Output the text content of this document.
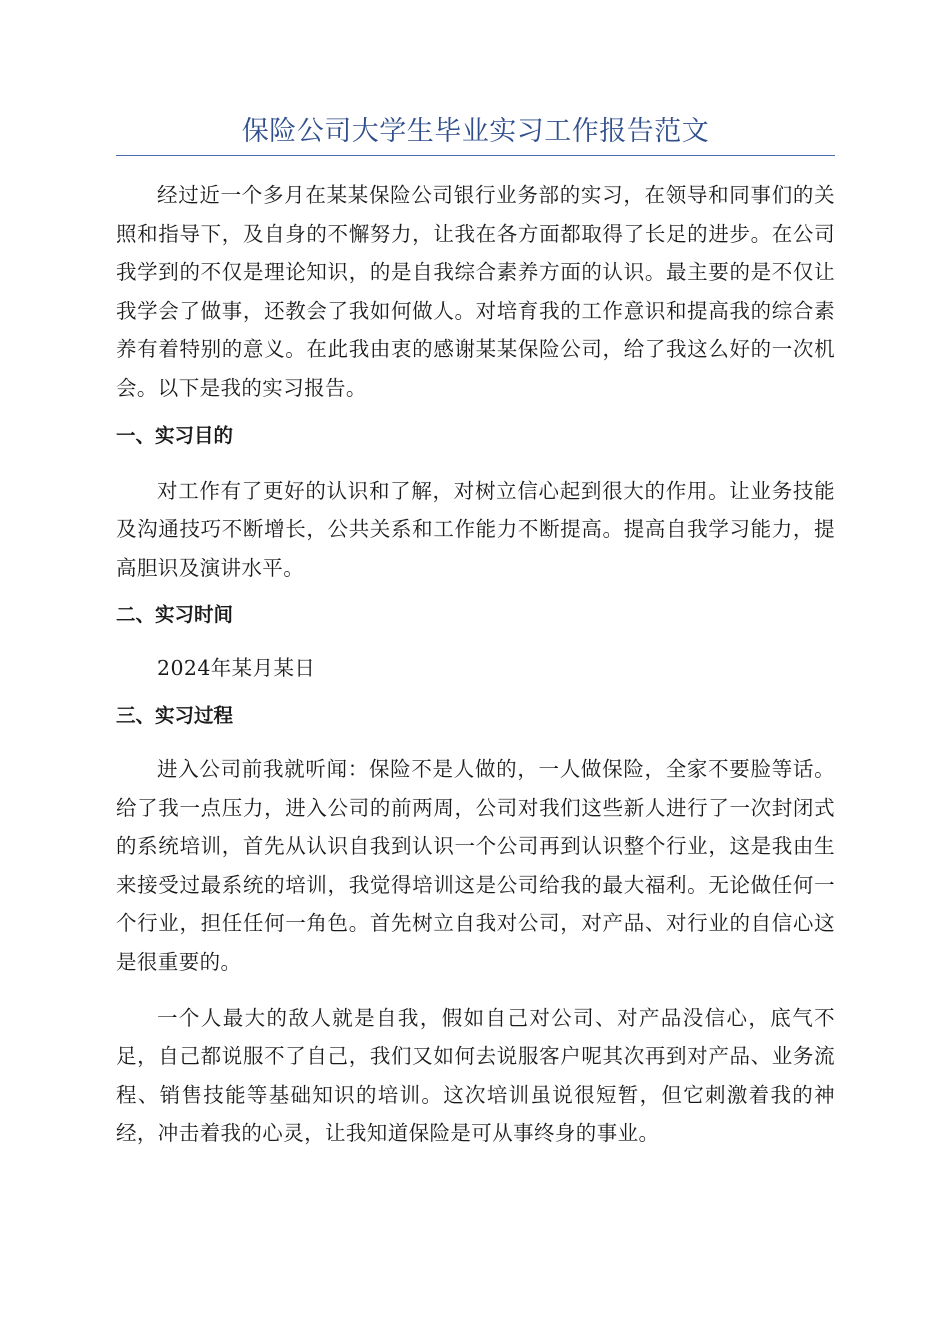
保险公司大学生毕业实习工作报告范文

经过近一个多月在某某保险公司银行业务部的实习，在领导和同事们的关照和指导下，及自身的不懈努力，让我在各方面都取得了长足的进步。在公司我学到的不仅是理论知识，的是自我综合素养方面的认识。最主要的是不仅让我学会了做事，还教会了我如何做人。对培育我的工作意识和提高我的综合素养有着特别的意义。在此我由衷的感谢某某保险公司，给了我这么好的一次机会。以下是我的实习报告。

一、实习目的

对工作有了更好的认识和了解，对树立信心起到很大的作用。让业务技能及沟通技巧不断增长，公共关系和工作能力不断提高。提高自我学习能力，提高胆识及演讲水平。

二、实习时间

2024年某月某日

三、实习过程

进入公司前我就听闻：保险不是人做的，一人做保险，全家不要脸等话。给了我一点压力，进入公司的前两周，公司对我们这些新人进行了一次封闭式的系统培训，首先从认识自我到认识一个公司再到认识整个行业，这是我由生来接受过最系统的培训，我觉得培训这是公司给我的最大福利。无论做任何一个行业，担任任何一角色。首先树立自我对公司，对产品、对行业的自信心这是很重要的。

一个人最大的敌人就是自我，假如自己对公司、对产品没信心，底气不足，自己都说服不了自己，我们又如何去说服客户呢其次再到对产品、业务流程、销售技能等基础知识的培训。这次培训虽说很短暂，但它刺激着我的神经，冲击着我的心灵，让我知道保险是可从事终身的事业。
